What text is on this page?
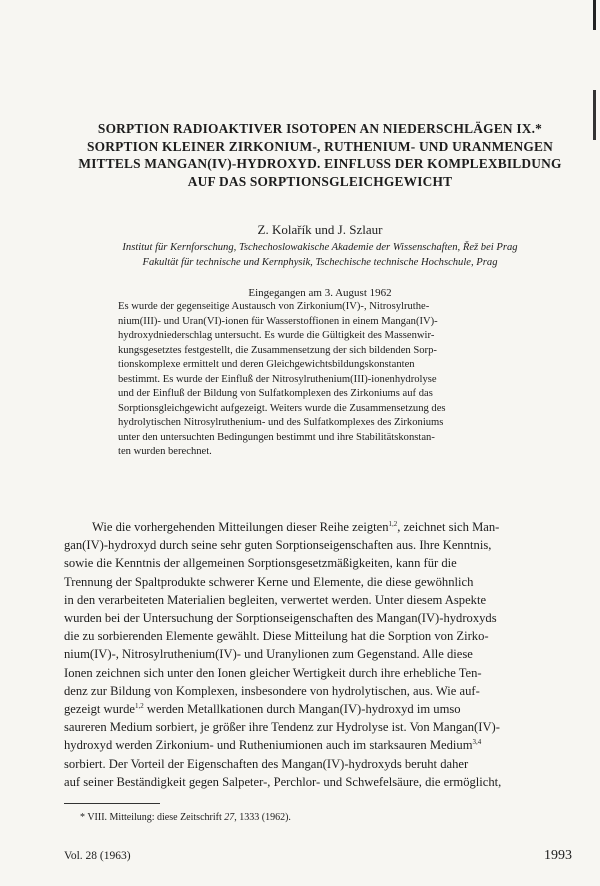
SORPTION RADIOAKTIVER ISOTOPEN AN NIEDERSCHLÄGEN IX.*
SORPTION KLEINER ZIRKONIUM-, RUTHENIUM- UND URANMENGEN
MITTELS MANGAN(IV)-HYDROXYD. EINFLUSS DER KOMPLEXBILDUNG
AUF DAS SORPTIONSGLEICHGEWICHT
Z. Kolařík und J. Szlaur
Institut für Kernforschung, Tschechoslowakische Akademie der Wissenschaften, Řež bei Prag
Fakultät für technische und Kernphysik, Tschechische technische Hochschule, Prag
Eingegangen am 3. August 1962
Es wurde der gegenseitige Austausch von Zirkonium(IV)-, Nitrosylruthe-
nium(III)- und Uran(VI)-ionen für Wasserstoffionen in einem Mangan(IV)-
hydroxydniederschlag untersucht. Es wurde die Gültigkeit des Massenwir-
kungsgesetztes festgestellt, die Zusammensetzung der sich bildenden Sorp-
tionskomplexe ermittelt und deren Gleichgewichtsbildungskonstanten
bestimmt. Es wurde der Einfluß der Nitrosylruthenium(III)-ionenhydrolyse
und der Einfluß der Bildung von Sulfatkomplexen des Zirkoniums auf das
Sorptionsgleichgewicht aufgezeigt. Weiters wurde die Zusammensetzung des
hydrolytischen Nitrosylruthenium- und des Sulfatkomplexes des Zirkoniums
unter den untersuchten Bedingungen bestimmt und ihre Stabilitätskonstan-
ten wurden berechnet.
Wie die vorhergehenden Mitteilungen dieser Reihe zeigten$^{1,2}$, zeichnet sich Man-
gan(IV)-hydroxyd durch seine sehr guten Sorptionseigenschaften aus. Ihre Kenntnis,
sowie die Kenntnis der allgemeinen Sorptionsgesetzmäßigkeiten, kann für die
Trennung der Spaltprodukte schwerer Kerne und Elemente, die diese gewöhnlich
in den verarbeiteten Materialien begleiten, verwertet werden. Unter diesem Aspekte
wurden bei der Untersuchung der Sorptionseigenschaften des Mangan(IV)-hydroxyds
die zu sorbierenden Elemente gewählt. Diese Mitteilung hat die Sorption von Zirko-
nium(IV)-, Nitrosylruthenium(IV)- und Uranylionen zum Gegenstand. Alle diese
Ionen zeichnen sich unter den Ionen gleicher Wertigkeit durch ihre erhebliche Ten-
denz zur Bildung von Komplexen, insbesondere von hydrolytischen, aus. Wie auf-
gezeigt wurde$^{1,2}$ werden Metallkationen durch Mangan(IV)-hydroxyd im umso
saureren Medium sorbiert, je größer ihre Tendenz zur Hydrolyse ist. Von Mangan(IV)-
hydroxyd werden Zirkonium- und Rutheniumionen auch im starksauren Medium$^{3,4}$
sorbiert. Der Vorteil der Eigenschaften des Mangan(IV)-hydroxyds beruht daher
auf seiner Beständigkeit gegen Salpeter-, Perchlor- und Schwefelsäure, die ermöglicht,
* VIII. Mitteilung: diese Zeitschrift 27, 1333 (1962).
Vol. 28 (1963)	1993
